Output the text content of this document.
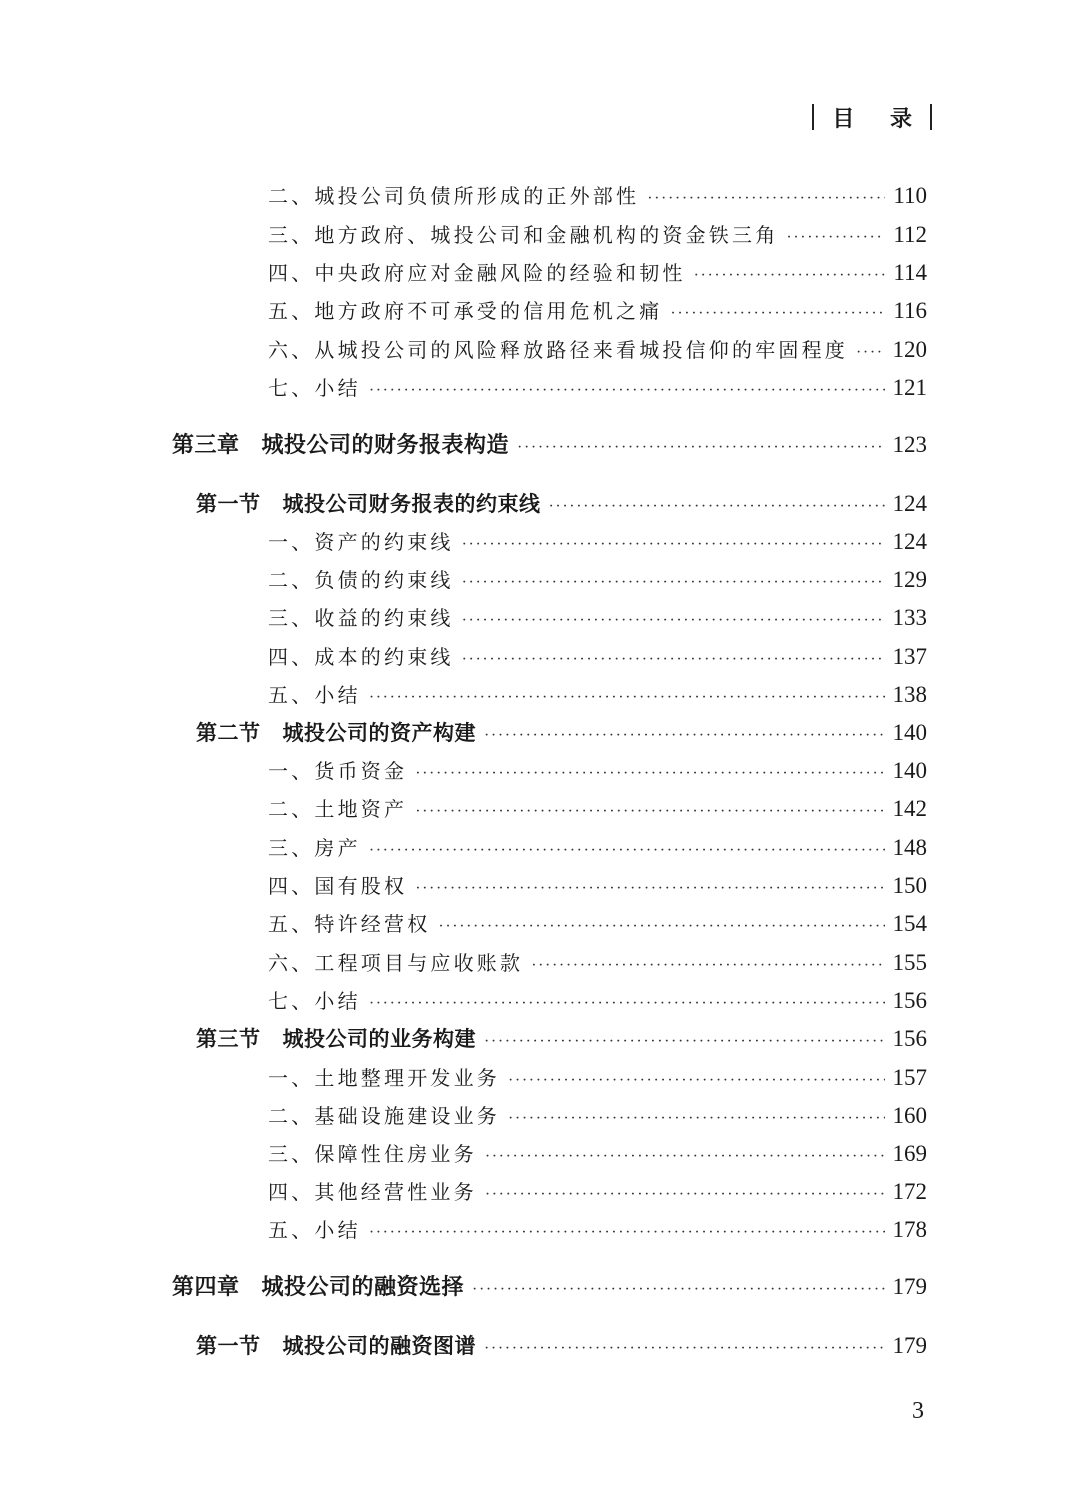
目 录
二、城投公司负债所形成的正外部性 ·····	110
三、地方政府、城投公司和金融机构的资金铁三角 ·····	112
四、中央政府应对金融风险的经验和韧性 ·····	114
五、地方政府不可承受的信用危机之痛 ·····	116
六、从城投公司的风险释放路径来看城投信仰的牢固程度 ····· 120
七、小结 ·····	121
第三章 城投公司的财务报表构造 ·····	123
第一节 城投公司财务报表的约束线 ·····	124
一、资产的约束线 ·····	124
二、负债的约束线 ·····	129
三、收益的约束线 ·····	133
四、成本的约束线 ·····	137
五、小结 ·····	138
第二节 城投公司的资产构建 ·····	140
一、货币资金 ·····	140
二、土地资产 ·····	142
三、房产 ·····	148
四、国有股权 ·····	150
五、特许经营权 ·····	154
六、工程项目与应收账款 ·····	155
七、小结 ·····	156
第三节 城投公司的业务构建 ·····	156
一、土地整理开发业务 ·····	157
二、基础设施建设业务 ·····	160
三、保障性住房业务 ·····	169
四、其他经营性业务 ·····	172
五、小结 ·····	178
第四章 城投公司的融资选择 ·····	179
第一节 城投公司的融资图谱 ·····	179
3
